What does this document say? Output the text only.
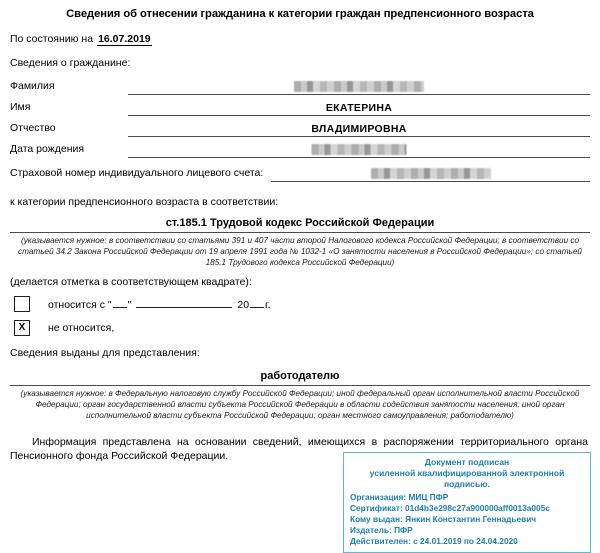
Сведения об отнесении гражданина к категории граждан предпенсионного возраста
По состоянию на 16.07.2019
Сведения о гражданине:
Фамилия
Имя	ЕКАТЕРИНА
Отчество	ВЛАДИМИРОВНА
Дата рождения
Страховой номер индивидуального лицевого счета:
к категории предпенсионного возраста в соответствии:
ст.185.1 Трудовой кодекс Российской Федерации
(указывается нужное: в соответствии со статьями 391 и 407 части второй Налогового кодекса Российской Федерации; в соответствии со статьей 34.2 Закона Российской Федерации от 19 апреля 1991 года № 1032-1 «О занятости населения в Российской Федерации»; со статьей 185.1 Трудового кодекса Российской Федерации)
(делается отметка в соответствующем квадрате):
относится с " "	20 г.
X	не относится,
Сведения выданы для представления:
работодателю
(указывается нужное: в Федеральную налоговую службу Российской Федерации; иной федеральный орган исполнительной власти Российской Федерации; орган государственной власти субъекта Российской Федерации в области содействия занятости населения; иной орган исполнительной власти субъекта Российской Федерации; орган местного самоуправления; работодателю)
Информация представлена на основании сведений, имеющихся в распоряжении территориального органа Пенсионного фонда Российской Федерации.	Документ подписан
усиленной квалифицированной электронной
подписью.
Организация: МИЦ ПФР
Сертификат: 01d4b3e298c27a900000aff0013a005c
Кому выдан: Янкин Константин Геннадьевич
Издатель: ПФР
Действителен: с 24.01.2019 по 24.04.2020
